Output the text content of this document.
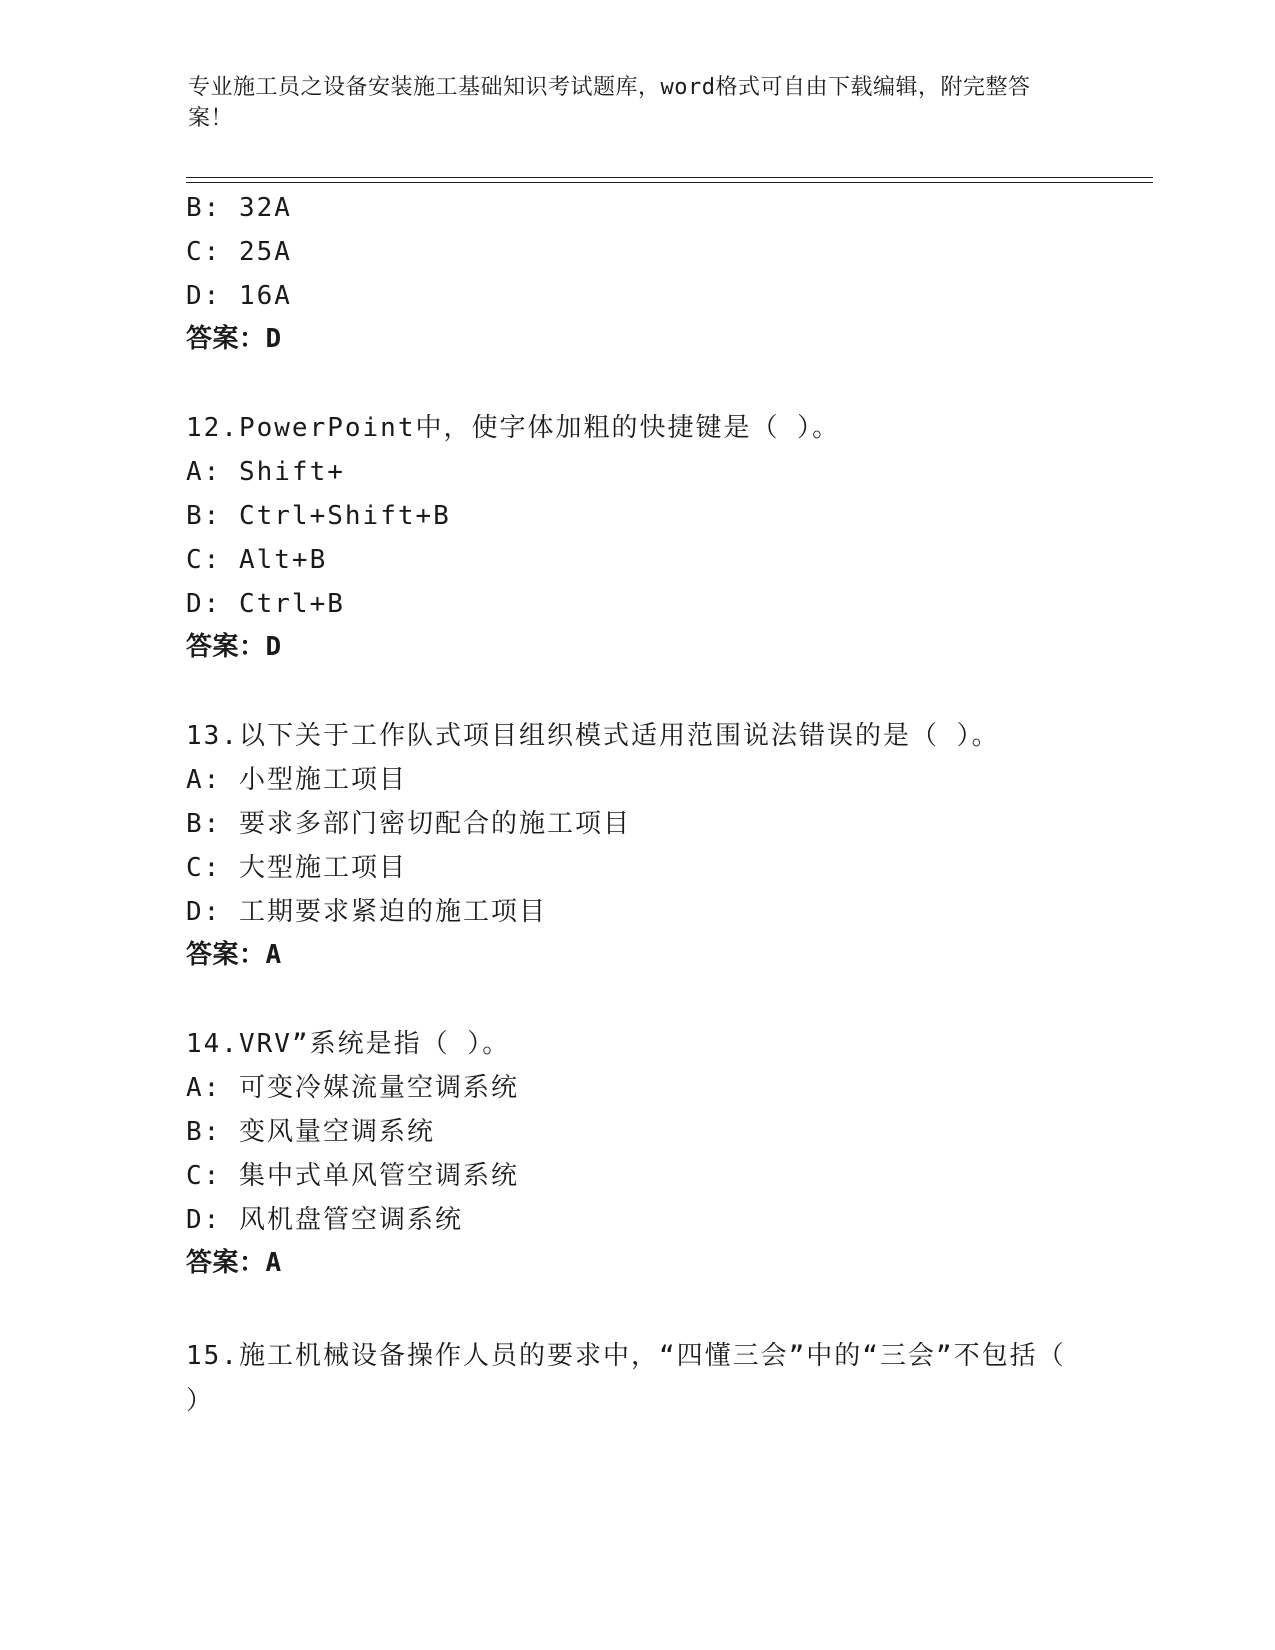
专业施工员之设备安装施工基础知识考试题库，word格式可自由下载编辑，附完整答案！
B: 32A
C: 25A
D: 16A
答案：D
12.PowerPoint中，使字体加粗的快捷键是（ ）。
A: Shift+
B: Ctrl+Shift+B
C: Alt+B
D: Ctrl+B
答案：D
13.以下关于工作队式项目组织模式适用范围说法错误的是（ ）。
A: 小型施工项目
B: 要求多部门密切配合的施工项目
C: 大型施工项目
D: 工期要求紧迫的施工项目
答案：A
14.VRV”系统是指（ ）。
A: 可变冷媒流量空调系统
B: 变风量空调系统
C: 集中式单风管空调系统
D: 风机盘管空调系统
答案：A
15.施工机械设备操作人员的要求中，“四懂三会”中的“三会”不包括（ ）
